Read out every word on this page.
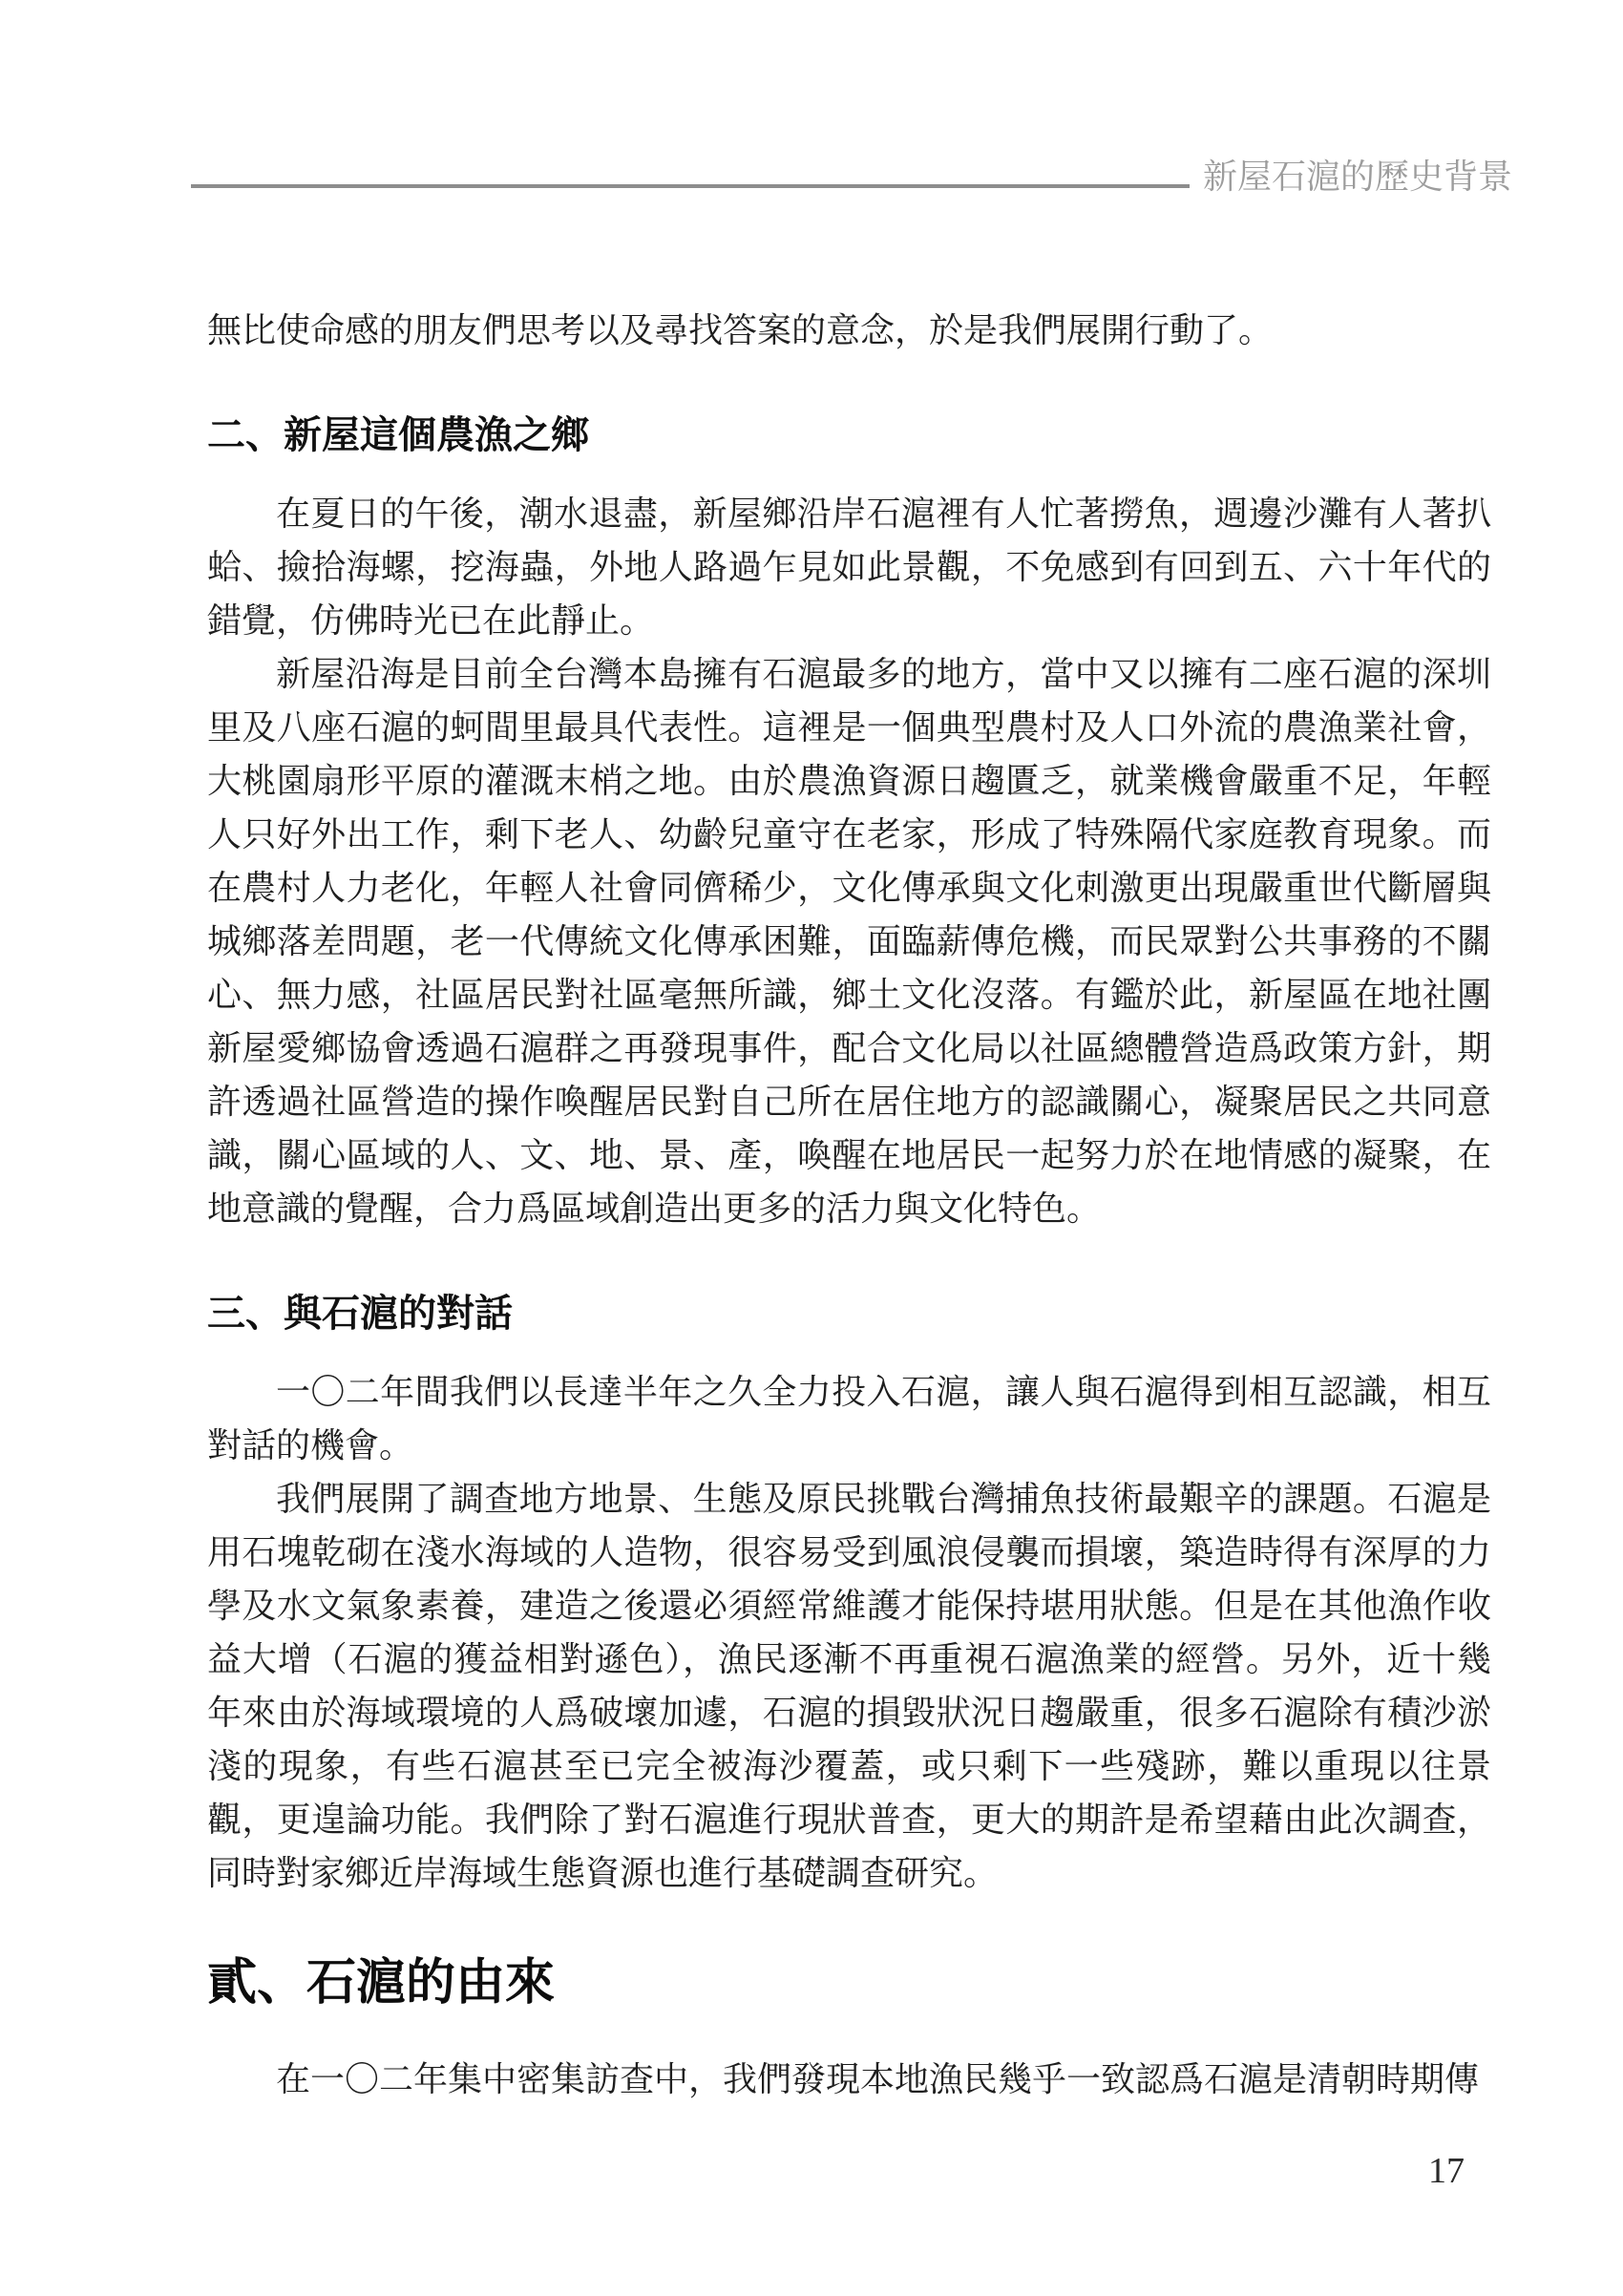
新屋石滬的歷史背景

無比使命感的朋友們思考以及尋找答案的意念，於是我們展開行動了。

二、新屋這個農漁之鄉

在夏日的午後，潮水退盡，新屋鄉沿岸石滬裡有人忙著撈魚，週邊沙灘有人著扒蛤、撿拾海螺，挖海蟲，外地人路過乍見如此景觀，不免感到有回到五、六十年代的錯覺，仿佛時光已在此靜止。

新屋沿海是目前全台灣本島擁有石滬最多的地方，當中又以擁有二座石滬的深圳里及八座石滬的蚵間里最具代表性。這裡是一個典型農村及人口外流的農漁業社會，大桃園扇形平原的灌溉末梢之地。由於農漁資源日趨匱乏，就業機會嚴重不足，年輕人只好外出工作，剩下老人、幼齡兒童守在老家，形成了特殊隔代家庭教育現象。而在農村人力老化，年輕人社會同儕稀少，文化傳承與文化刺激更出現嚴重世代斷層與城鄉落差問題，老一代傳統文化傳承困難，面臨薪傳危機，而民眾對公共事務的不關心、無力感，社區居民對社區毫無所識，鄉土文化沒落。有鑑於此，新屋區在地社團新屋愛鄉協會透過石滬群之再發現事件，配合文化局以社區總體營造爲政策方針，期許透過社區營造的操作喚醒居民對自己所在居住地方的認識關心，凝聚居民之共同意識，關心區域的人、文、地、景、產，喚醒在地居民一起努力於在地情感的凝聚，在地意識的覺醒，合力爲區域創造出更多的活力與文化特色。

三、與石滬的對話

一〇二年間我們以長達半年之久全力投入石滬，讓人與石滬得到相互認識，相互對話的機會。

我們展開了調查地方地景、生態及原民挑戰台灣捕魚技術最艱辛的課題。石滬是用石塊乾砌在淺水海域的人造物，很容易受到風浪侵襲而損壞，築造時得有深厚的力學及水文氣象素養，建造之後還必須經常維護才能保持堪用狀態。但是在其他漁作收益大增（石滬的獲益相對遜色），漁民逐漸不再重視石滬漁業的經營。另外，近十幾年來由於海域環境的人爲破壞加遽，石滬的損毀狀況日趨嚴重，很多石滬除有積沙淤淺的現象，有些石滬甚至已完全被海沙覆蓋，或只剩下一些殘跡，難以重現以往景觀，更遑論功能。我們除了對石滬進行現狀普查，更大的期許是希望藉由此次調查，同時對家鄉近岸海域生態資源也進行基礎調查研究。

貳、石滬的由來

在一〇二年集中密集訪查中，我們發現本地漁民幾乎一致認爲石滬是清朝時期傳

17
